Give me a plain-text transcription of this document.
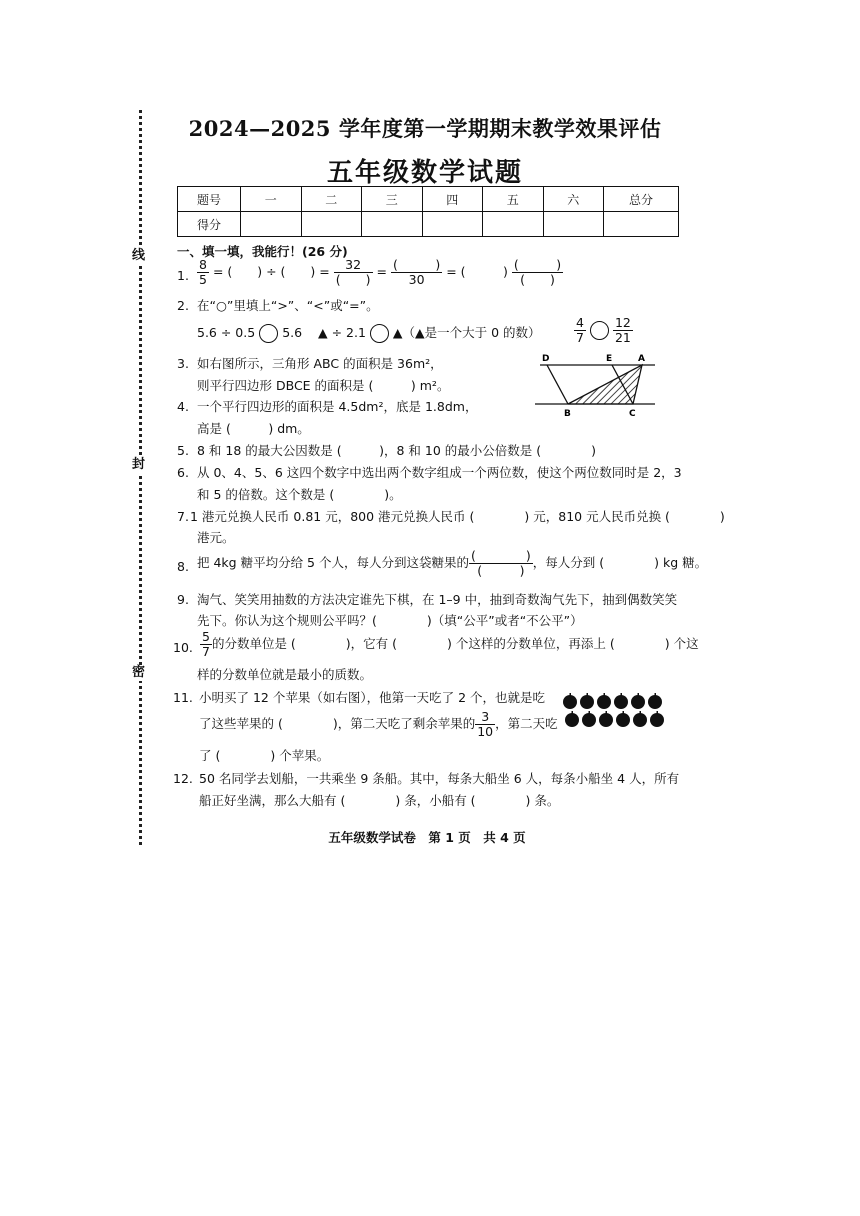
线
封
密
2024—2025 学年度第一学期期末教学效果评估
五年级数学试题
题号	一	二	三	四	五	六	总分
得分							
一、填一填，我能行！(26 分)
1. $\frac{8}{5}$ = (　　) ÷ (　　) = $\frac{32}{( )} = \frac{( )}{30}$ = (　　　) $\frac{( )}{( )}$
2. 在“○”里填上“>”、“<”或“=”。
5.6 ÷ 0.5 5.6 ▲ ÷ 2.1 ▲（▲是一个大于 0 的数）	$\frac{4}{7} \frac{12}{21}$
3. 如右图所示，三角形 ABC 的面积是 36m²，
则平行四边形 DBCE 的面积是 (　　　) m²。
D	E	A
B	C
4. 一个平行四边形的面积是 4.5dm²，底是 1.8dm，
高是 (　　　) dm。
5. 8 和 18 的最大公因数是 (　　　)，8 和 10 的最小公倍数是 (　　　　)
6. 从 0、4、5、6 这四个数字中选出两个数字组成一个两位数，使这个两位数同时是 2，3
和 5 的倍数。这个数是 (　　　　)。
7. 1 港元兑换人民币 0.81 元，800 港元兑换人民币 (　　　　) 元，810 元人民币兑换 (　　　　)
港元。
8. 把 4kg 糖平均分给 5 个人，每人分到这袋糖果的 $\frac{( )}{( )}$ ，每人分到 (　　　　) kg 糖。
9. 淘气、笑笑用抽数的方法决定谁先下棋，在 1–9 中，抽到奇数淘气先下，抽到偶数笑笑
先下。你认为这个规则公平吗？(　　　　)（填“公平”或者“不公平”）
10. $\frac{5}{7}$ 的分数单位是 (　　　　)，它有 (　　　　) 个这样的分数单位，再添上 (　　　　) 个这
样的分数单位就是最小的质数。
11. 小明买了 12 个苹果（如右图），他第一天吃了 2 个，也就是吃
了这些苹果的 (　　　　)，第二天吃了剩余苹果的 $\frac{3}{10}$ ，第二天吃
了 (　　　　) 个苹果。
12. 50 名同学去划船，一共乘坐 9 条船。其中，每条大船坐 6 人，每条小船坐 4 人，所有
船正好坐满，那么大船有 (　　　　) 条，小船有 (　　　　) 条。
五年级数学试卷　第 1 页　共 4 页
